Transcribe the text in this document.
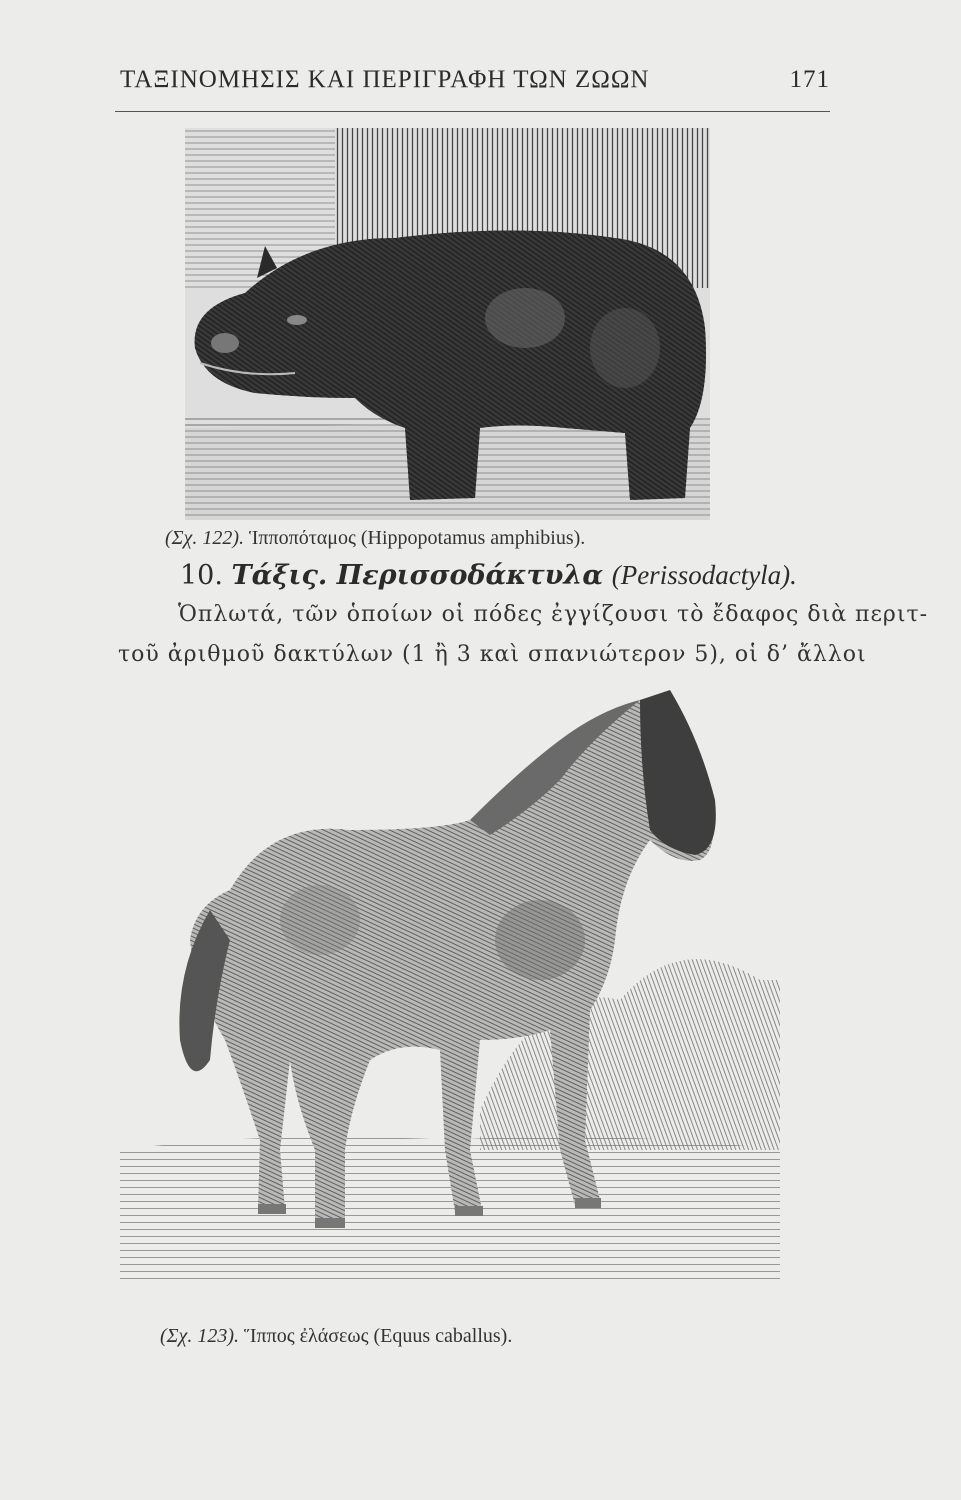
ΤΑΞΙΝΟΜΗΣΙΣ ΚΑΙ ΠΕΡΙΓΡΑΦΗ ΤΩΝ ΖΩΩΝ	171
(Σχ. 122). Ἱπποπόταμος (Hippopotamus amphibius).
10. Τάξις. Περισσοδάκτυλα (Perissodactyla).
Ὁπλωτά, τῶν ὁποίων οἱ πόδες ἐγγίζουσι τὸ ἔδαφος διὰ περιτ-
τοῦ ἀριθμοῦ δακτύλων (1 ἢ 3 καὶ σπανιώτερον 5), οἱ δ’ ἄλλοι
(Σχ. 123). Ἵππος ἐλάσεως (Equus caballus).
